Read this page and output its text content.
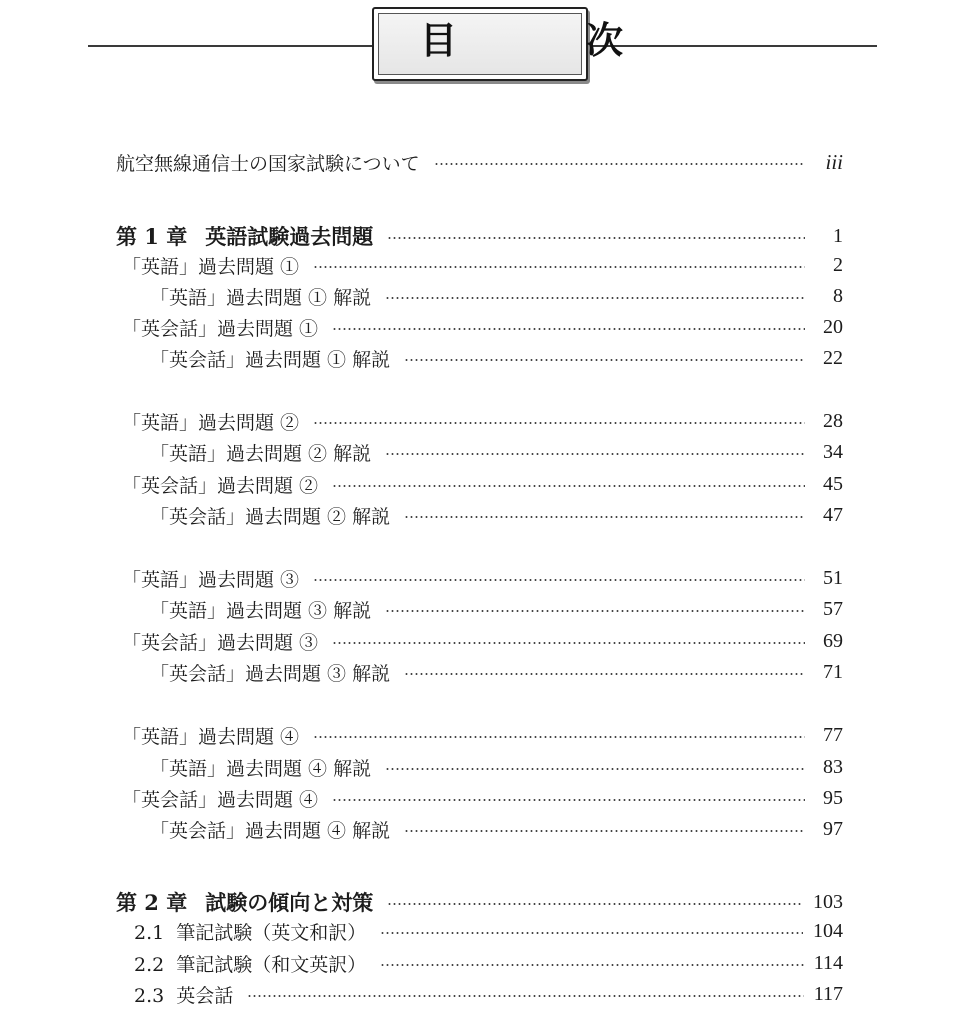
目　次
航空無線通信士の国家試験について	iii
第 1 章 英語試験過去問題	1
「英語」過去問題 ①	2
「英語」過去問題 ① 解説	8
「英会話」過去問題 ①	20
「英会話」過去問題 ① 解説	22
「英語」過去問題 ②	28
「英語」過去問題 ② 解説	34
「英会話」過去問題 ②	45
「英会話」過去問題 ② 解説	47
「英語」過去問題 ③	51
「英語」過去問題 ③ 解説	57
「英会話」過去問題 ③	69
「英会話」過去問題 ③ 解説	71
「英語」過去問題 ④	77
「英語」過去問題 ④ 解説	83
「英会話」過去問題 ④	95
「英会話」過去問題 ④ 解説	97
第 2 章 試験の傾向と対策	103
2.1 筆記試験（英文和訳）	104
2.2 筆記試験（和文英訳）	114
2.3 英会話	117
